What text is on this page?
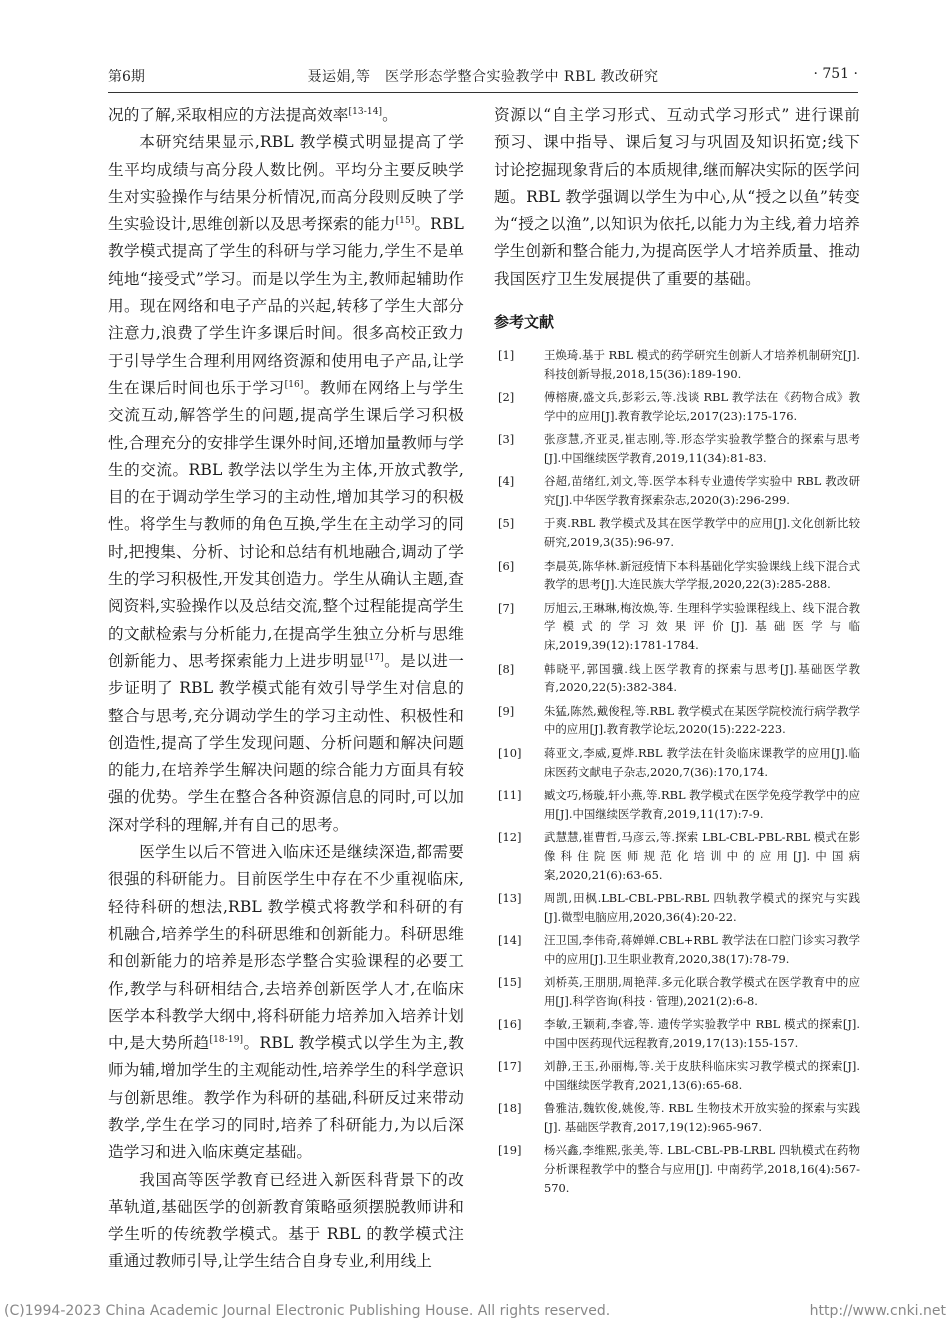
第6期	聂运娟,等　医学形态学整合实验教学中 RBL 教改研究	· 751 ·

况的了解,采取相应的方法提高效率[13-14]。

本研究结果显示,RBL 教学模式明显提高了学生平均成绩与高分段人数比例。平均分主要反映学生对实验操作与结果分析情况,而高分段则反映了学生实验设计,思维创新以及思考探索的能力[15]。RBL 教学模式提高了学生的科研与学习能力,学生不是单纯地“接受式”学习。而是以学生为主,教师起辅助作用。现在网络和电子产品的兴起,转移了学生大部分注意力,浪费了学生许多课后时间。很多高校正致力于引导学生合理利用网络资源和使用电子产品,让学生在课后时间也乐于学习[16]。教师在网络上与学生交流互动,解答学生的问题,提高学生课后学习积极性,合理充分的安排学生课外时间,还增加量教师与学生的交流。RBL 教学法以学生为主体,开放式教学,目的在于调动学生学习的主动性,增加其学习的积极性。将学生与教师的角色互换,学生在主动学习的同时,把搜集、分析、讨论和总结有机地融合,调动了学生的学习积极性,开发其创造力。学生从确认主题,查阅资料,实验操作以及总结交流,整个过程能提高学生的文献检索与分析能力,在提高学生独立分析与思维创新能力、思考探索能力上进步明显[17]。是以进一步证明了 RBL 教学模式能有效引导学生对信息的整合与思考,充分调动学生的学习主动性、积极性和创造性,提高了学生发现问题、分析问题和解决问题的能力,在培养学生解决问题的综合能力方面具有较强的优势。学生在整合各种资源信息的同时,可以加深对学科的理解,并有自己的思考。

医学生以后不管进入临床还是继续深造,都需要很强的科研能力。目前医学生中存在不少重视临床,轻待科研的想法,RBL 教学模式将教学和科研的有机融合,培养学生的科研思维和创新能力。科研思维和创新能力的培养是形态学整合实验课程的必要工作,教学与科研相结合,去培养创新医学人才,在临床医学本科教学大纲中,将科研能力培养加入培养计划中,是大势所趋[18-19]。RBL 教学模式以学生为主,教师为辅,增加学生的主观能动性,培养学生的科学意识与创新思维。教学作为科研的基础,科研反过来带动教学,学生在学习的同时,培养了科研能力,为以后深造学习和进入临床奠定基础。

我国高等医学教育已经进入新医科背景下的改革轨道,基础医学的创新教育策略亟须摆脱教师讲和学生听的传统教学模式。基于 RBL 的教学模式注重通过教师引导,让学生结合自身专业,利用线上

资源以“自主学习形式、互动式学习形式” 进行课前预习、课中指导、课后复习与巩固及知识拓宽;线下讨论挖掘现象背后的本质规律,继而解决实际的医学问题。RBL 教学强调以学生为中心,从“授之以鱼”转变为“授之以渔”,以知识为依托,以能力为主线,着力培养学生创新和整合能力,为提高医学人才培养质量、推动我国医疗卫生发展提供了重要的基础。

参考文献
[1]	王焕琦.基于 RBL 模式的药学研究生创新人才培养机制研究[J].科技创新导报,2018,15(36):189-190.
[2]	傅榕赓,盛文兵,彭彩云,等.浅谈 RBL 教学法在《药物合成》教学中的应用[J].教育教学论坛,2017(23):175-176.
[3]	张彦慧,齐亚灵,崔志刚,等.形态学实验教学整合的探索与思考[J].中国继续医学教育,2019,11(34):81-83.
[4]	谷超,苗绪红,刘文,等.医学本科专业遗传学实验中 RBL 教改研究[J].中华医学教育探索杂志,2020(3):296-299.
[5]	于爽.RBL 教学模式及其在医学教学中的应用[J].文化创新比较研究,2019,3(35):96-97.
[6]	李晨英,陈华林.新冠疫情下本科基础化学实验课线上线下混合式教学的思考[J].大连民族大学学报,2020,22(3):285-288.
[7]	厉旭云,王琳琳,梅汝焕,等. 生理科学实验课程线上、线下混合教学模式的学习效果评价[J].基础医学与临床,2019,39(12):1781-1784.
[8]	韩晓平,郭国骥.线上医学教育的探索与思考[J].基础医学教育,2020,22(5):382-384.
[9]	朱猛,陈然,戴俊程,等.RBL 教学模式在某医学院校流行病学教学中的应用[J].教育教学论坛,2020(15):222-223.
[10] 蒋亚文,李威,夏烨.RBL 教学法在针灸临床课教学的应用[J].临床医药文献电子杂志,2020,7(36):170,174.
[11] 臧文巧,杨璇,轩小燕,等.RBL 教学模式在医学免疫学教学中的应用[J].中国继续医学教育,2019,11(17):7-9.
[12] 武慧慧,崔曹哲,马彦云,等.探索 LBL-CBL-PBL-RBL 模式在影像科住院医师规范化培训中的应用[J].中国病案,2020,21(6):63-65.
[13] 周凯,田枫.LBL-CBL-PBL-RBL 四轨教学模式的探究与实践[J].微型电脑应用,2020,36(4):20-22.
[14] 汪卫国,李伟奇,蒋婵婵.CBL+RBL 教学法在口腔门诊实习教学中的应用[J].卫生职业教育,2020,38(17):78-79.
[15] 刘桥英,王朋朋,周艳萍.多元化联合教学模式在医学教育中的应用[J].科学咨询(科技 · 管理),2021(2):6-8.
[16] 李敏,王颖莉,李睿,等. 遗传学实验教学中 RBL 模式的探索[J].中国中医药现代远程教育,2019,17(13):155-157.
[17] 刘静,王玉,孙丽梅,等.关于皮肤科临床实习教学模式的探索[J].中国继续医学教育,2021,13(6):65-68.
[18] 鲁雅洁,魏钦俊,姚俊,等. RBL 生物技术开放实验的探索与实践[J]. 基础医学教育,2017,19(12):965-967.
[19] 杨兴鑫,李维熙,张美,等. LBL-CBL-PB-LRBL 四轨模式在药物分析课程教学中的整合与应用[J]. 中南药学,2018,16(4):567-570.
(C)1994-2023 China Academic Journal Electronic Publishing House. All rights reserved.	http://www.cnki.net
